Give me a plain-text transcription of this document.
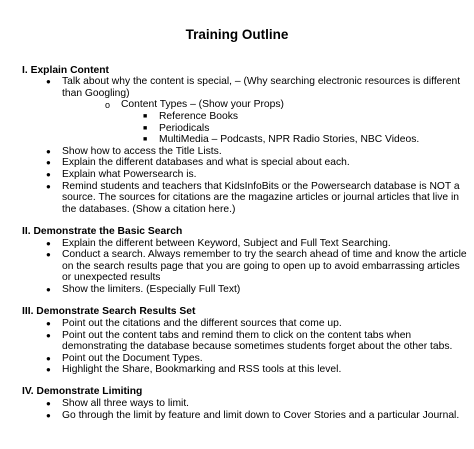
Training Outline
I. Explain Content
● Talk about why the content is special, – (Why searching electronic resources is different
than Googling)
o Content Types – (Show your Props)
■ Reference Books
■ Periodicals
■ MultiMedia – Podcasts, NPR Radio Stories, NBC Videos.
● Show how to access the Title Lists.
● Explain the different databases and what is special about each.
● Explain what Powersearch is.
● Remind students and teachers that KidsInfoBits or the Powersearch database is NOT a
source. The sources for citations are the magazine articles or journal articles that live in
the databases. (Show a citation here.)
II. Demonstrate the Basic Search
● Explain the different between Keyword, Subject and Full Text Searching.
● Conduct a search. Always remember to try the search ahead of time and know the article
on the search results page that you are going to open up to avoid embarrassing articles
or unexpected results
● Show the limiters. (Especially Full Text)
III. Demonstrate Search Results Set
● Point out the citations and the different sources that come up.
● Point out the content tabs and remind them to click on the content tabs when
demonstrating the database because sometimes students forget about the other tabs.
● Point out the Document Types.
● Highlight the Share, Bookmarking and RSS tools at this level.
IV. Demonstrate Limiting
● Show all three ways to limit.
● Go through the limit by feature and limit down to Cover Stories and a particular Journal.
